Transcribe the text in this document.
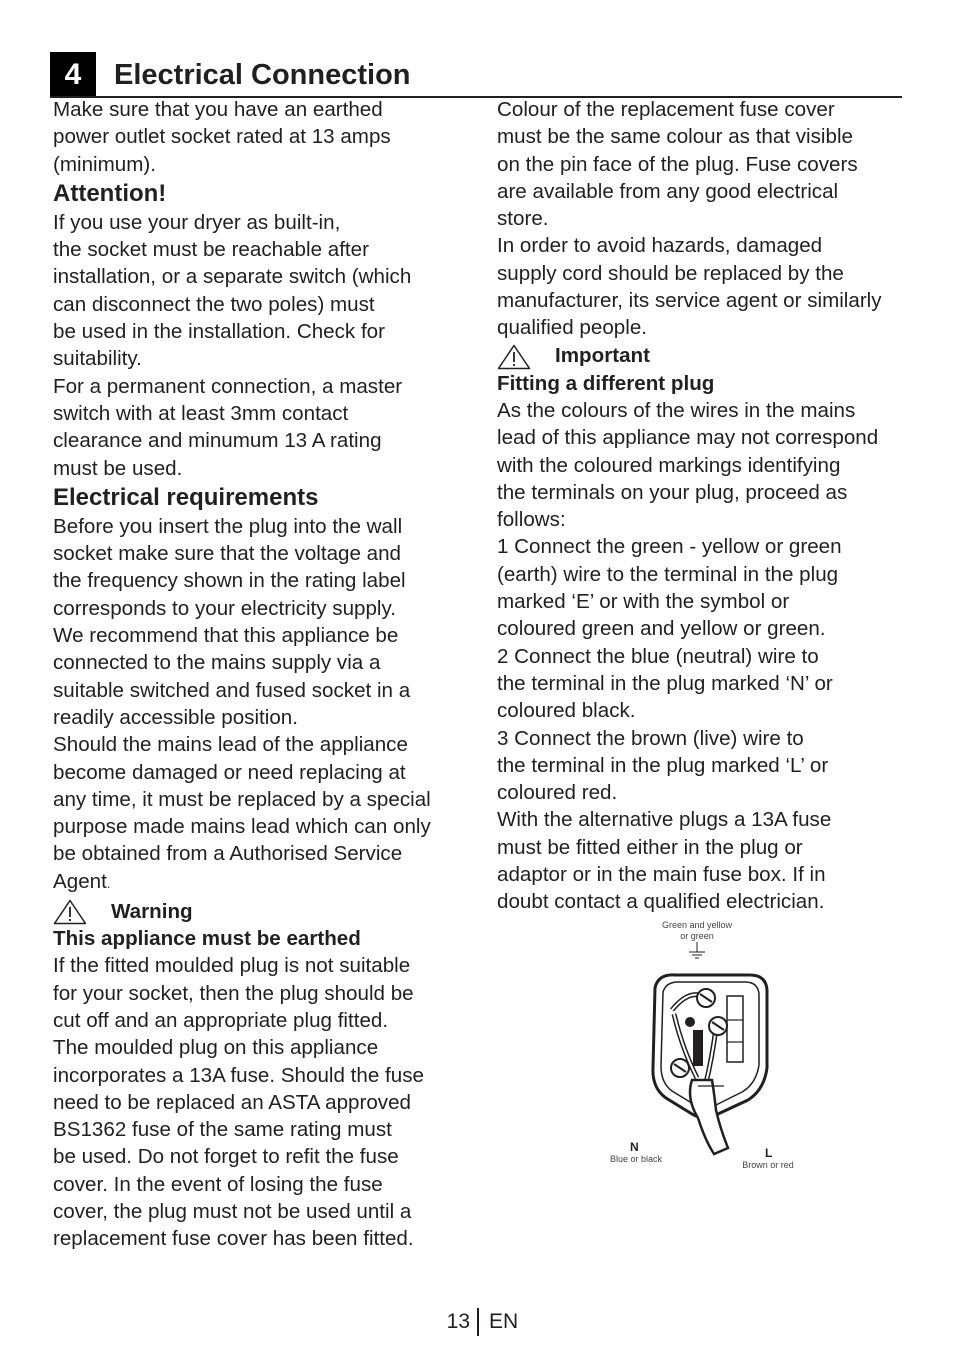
4	Electrical Connection

Make sure that you have an earthed
power outlet socket rated at 13 amps
(minimum).

Attention!

If you use your dryer as built-in,
the socket must be reachable after
installation, or a separate switch (which
can disconnect the two poles) must
be used in the installation. Check for
suitability.
For a permanent connection, a master
switch with at least 3mm contact
clearance and minumum 13 A rating
must be used.

Electrical requirements

Before you insert the plug into the wall
socket make sure that the voltage and
the frequency shown in the rating label
corresponds to your electricity supply.
We recommend that this appliance be
connected to the mains supply via a
suitable switched and fused socket in a
readily accessible position.
Should the mains lead of the appliance
become damaged or need replacing at
any time, it must be replaced by a special
purpose made mains lead which can only
be obtained from a Authorised Service
Agent.

Warning

This appliance must be earthed

If the fitted moulded plug is not suitable
for your socket, then the plug should be
cut off and an appropriate plug fitted.
The moulded plug on this appliance
incorporates a 13A fuse. Should the fuse
need to be replaced an ASTA approved
BS1362 fuse of the same rating must
be used. Do not forget to refit the fuse
cover. In the event of losing the fuse
cover, the plug must not be used until a
replacement fuse cover has been fitted.

Colour of the replacement fuse cover
must be the same colour as that visible
on the pin face of the plug. Fuse covers
are available from any good electrical
store.
In order to avoid hazards, damaged
supply cord should be replaced by the
manufacturer, its service agent or similarly
qualified people.

Important

Fitting a different plug

As the colours of the wires in the mains
lead of this appliance may not correspond
with the coloured markings identifying
the terminals on your plug, proceed as
follows:
1 Connect the green - yellow or green
(earth) wire to the terminal in the plug
marked ‘E’ or with the symbol or
coloured green and yellow or green.
2 Connect the blue (neutral) wire to
the terminal in the plug marked ‘N’ or
coloured black.
3 Connect the brown (live) wire to
the terminal in the plug marked ‘L’ or
coloured red.
With the alternative plugs a 13A fuse
must be fitted either in the plug or
adaptor or in the main fuse box. If in
doubt contact a qualified electrician.

Green and yellow
or green
N
Blue or black	L
Brown or red
13 EN
